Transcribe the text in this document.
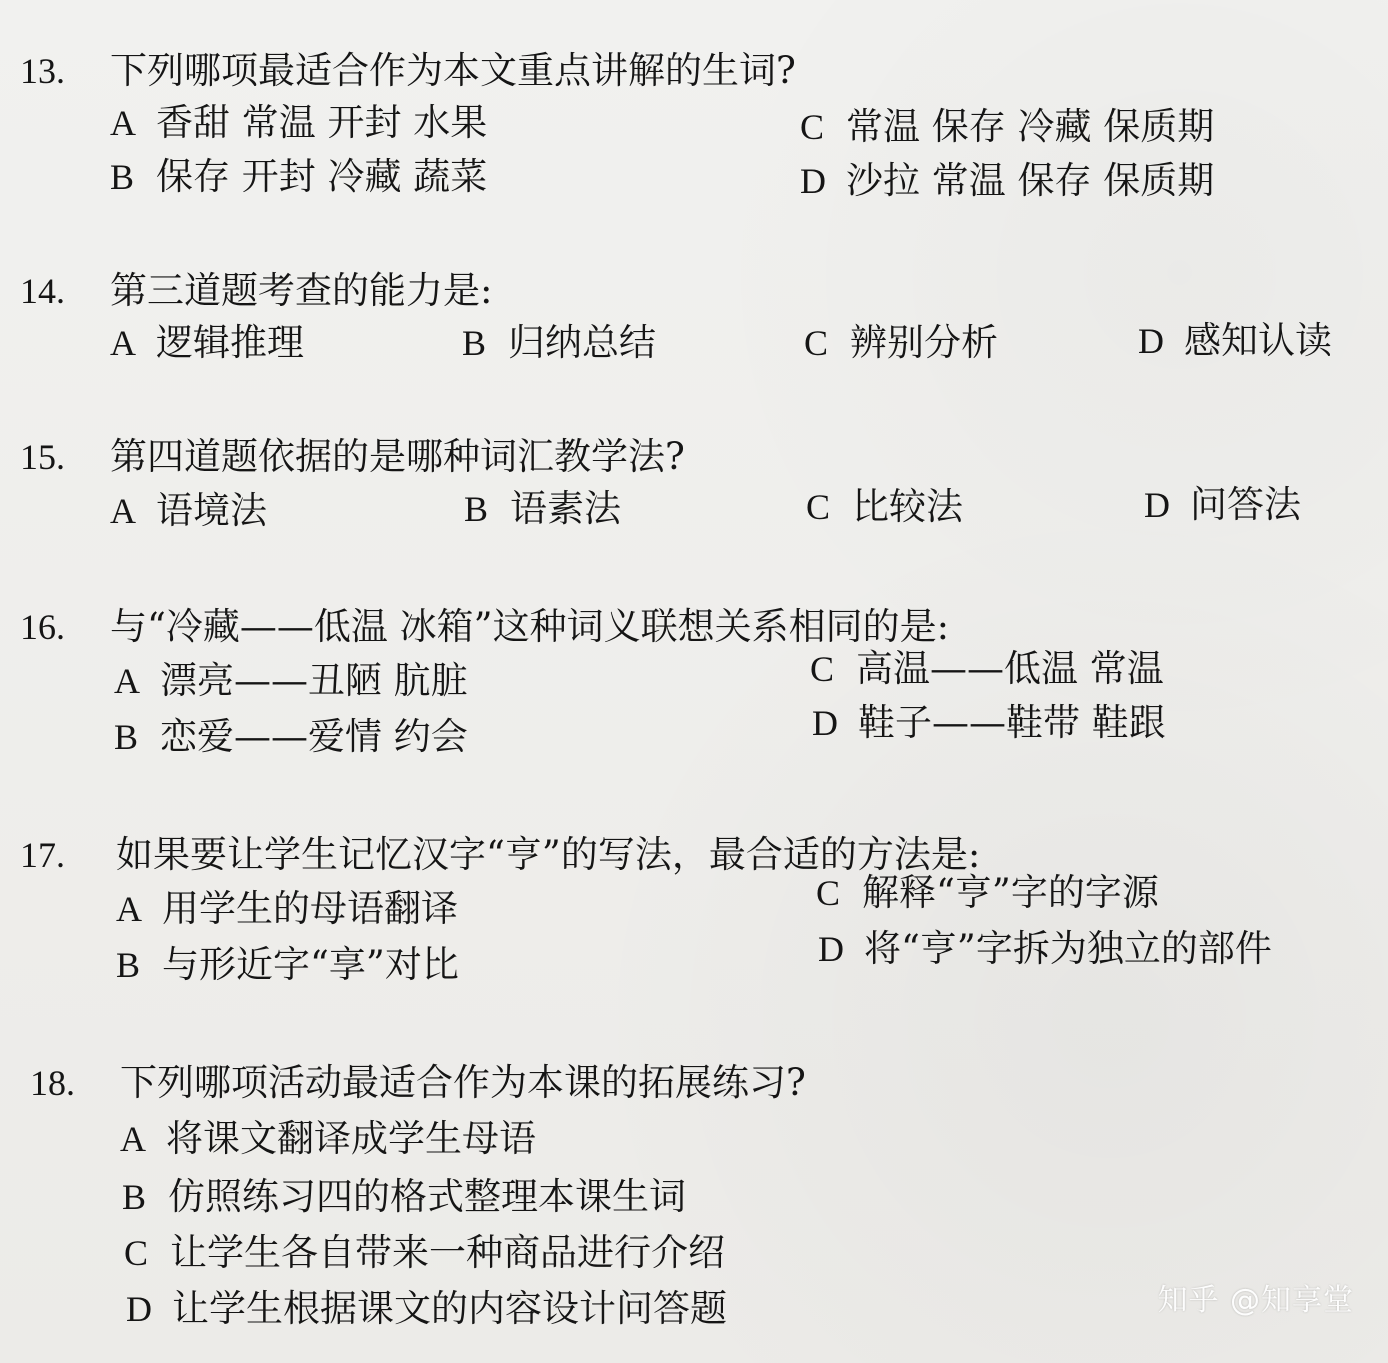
13.	下列哪项最适合作为本文重点讲解的生词?
A 香甜 常温 开封 水果
B 保存 开封 冷藏 蔬菜
C 常温 保存 冷藏 保质期
D 沙拉 常温 保存 保质期
14.	第三道题考查的能力是:
A 逻辑推理	B 归纳总结	C 辨别分析	D 感知认读
15.	第四道题依据的是哪种词汇教学法?
A 语境法	B 语素法	C 比较法	D 问答法
16.	与“冷藏——低温 冰箱”这种词义联想关系相同的是:
A 漂亮——丑陋 肮脏
B 恋爱——爱情 约会
C 高温——低温 常温
D 鞋子——鞋带 鞋跟
17.	如果要让学生记忆汉字“亨”的写法，最合适的方法是:
A 用学生的母语翻译
B 与形近字“享”对比
C 解释“亨”字的字源
D 将“亨”字拆为独立的部件
18.	下列哪项活动最适合作为本课的拓展练习?
A 将课文翻译成学生母语
B 仿照练习四的格式整理本课生词
C 让学生各自带来一种商品进行介绍
D 让学生根据课文的内容设计问答题	知乎 @知享堂
